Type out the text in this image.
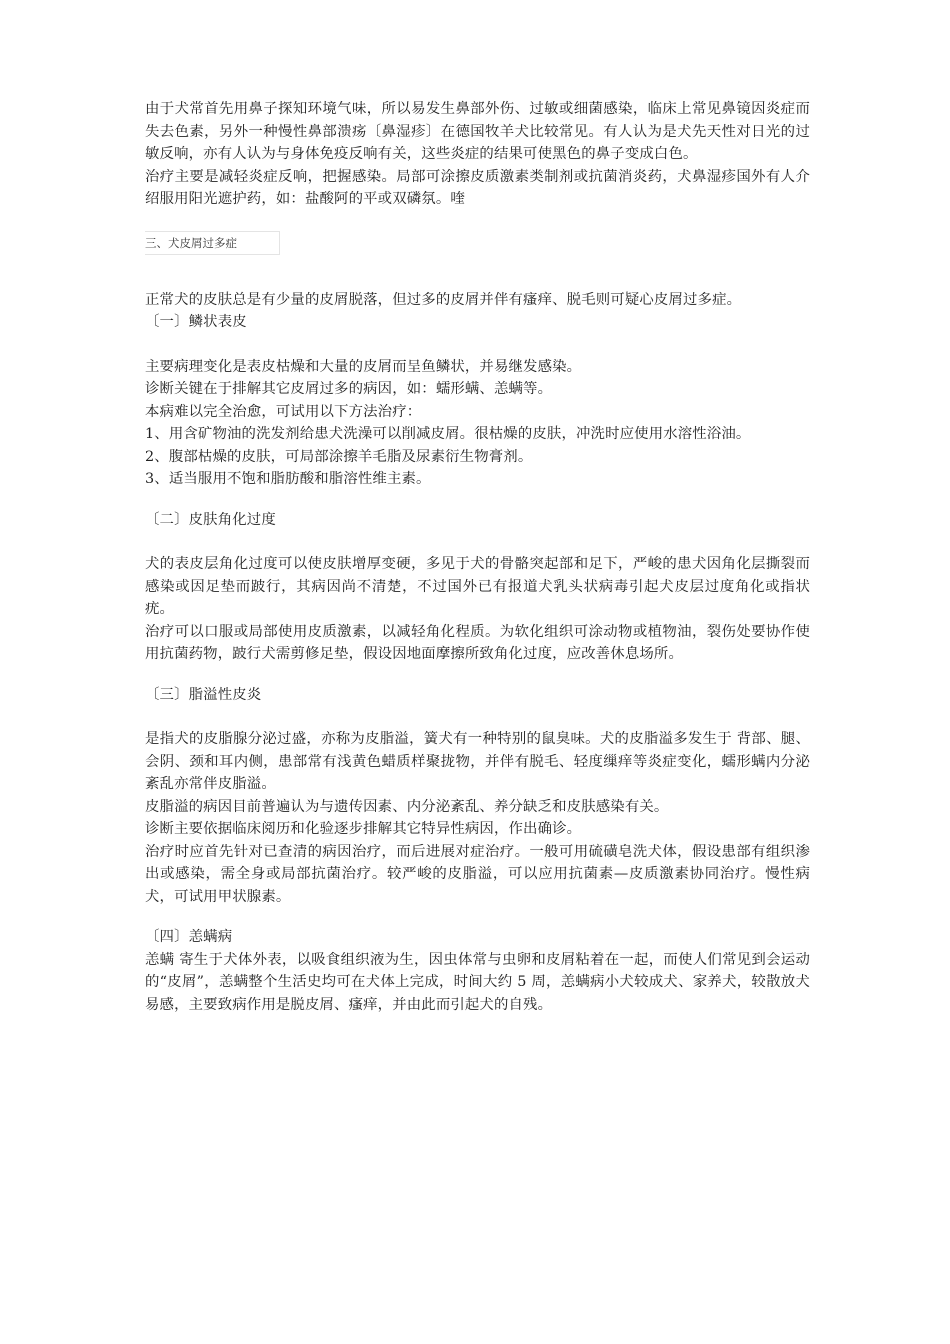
由于犬常首先用鼻子探知环境气味，所以易发生鼻部外伤、过敏或细菌感染，临床上常见鼻镜因炎症而失去色素，另外一种慢性鼻部溃疡〔鼻湿疹〕在德国牧羊犬比较常见。有人认为是犬先天性对日光的过敏反响，亦有人认为与身体免疫反响有关，这些炎症的结果可使黑色的鼻子变成白色。

治疗主要是减轻炎症反响，把握感染。局部可涂擦皮质激素类制剂或抗菌消炎药，犬鼻湿疹国外有人介绍服用阳光遮护药，如：盐酸阿的平或双磷氛。喹

三、犬皮屑过多症

正常犬的皮肤总是有少量的皮屑脱落，但过多的皮屑并伴有瘙痒、脱毛则可疑心皮屑过多症。

〔一〕鳞状表皮

主要病理变化是表皮枯燥和大量的皮屑而呈鱼鳞状，并易继发感染。

诊断关键在于排解其它皮屑过多的病因，如：蠕形螨、恙螨等。

本病难以完全治愈，可试用以下方法治疗：

1、用含矿物油的洗发剂给患犬洗澡可以削减皮屑。很枯燥的皮肤，冲洗时应使用水溶性浴油。

2、腹部枯燥的皮肤，可局部涂擦羊毛脂及尿素衍生物膏剂。

3、适当服用不饱和脂肪酸和脂溶性维主素。

〔二〕皮肤角化过度

犬的表皮层角化过度可以使皮肤增厚变硬，多见于犬的骨骼突起部和足下，严峻的患犬因角化层撕裂而感染或因足垫而跛行，其病因尚不清楚，不过国外已有报道犬乳头状病毒引起犬皮层过度角化或指状疣。

治疗可以口服或局部使用皮质激素，以减轻角化程质。为软化组织可涂动物或植物油，裂伤处要协作使用抗菌药物，跛行犬需剪修足垫，假设因地面摩擦所致角化过度，应改善休息场所。

〔三〕脂溢性皮炎

是指犬的皮脂腺分泌过盛，亦称为皮脂溢，簧犬有一种特别的鼠臭味。犬的皮脂溢多发生于 背部、腿、会阴、颈和耳内侧，患部常有浅黄色蜡质样聚拢物，并伴有脱毛、轻度缫痒等炎症变化，蠕形螨内分泌紊乱亦常伴皮脂溢。

皮脂溢的病因目前普遍认为与遗传因素、内分泌紊乱、养分缺乏和皮肤感染有关。

诊断主要依据临床阅历和化验逐步排解其它特异性病因，作出确诊。

治疗时应首先针对已查清的病因治疗，而后进展对症治疗。一般可用硫磺皂洗犬体，假设患部有组织渗出或感染，需全身或局部抗菌治疗。较严峻的皮脂溢，可以应用抗菌素—皮质激素协同治疗。慢性病犬，可试用甲状腺素。

〔四〕恙螨病

恙螨 寄生于犬体外表，以吸食组织液为生，因虫体常与虫卵和皮屑粘着在一起，而使人们常见到会运动的“皮屑”，恙螨整个生活史均可在犬体上完成，时间大约 5 周，恙螨病小犬较成犬、家养犬，较散放犬易感，主要致病作用是脱皮屑、瘙痒，并由此而引起犬的自残。
